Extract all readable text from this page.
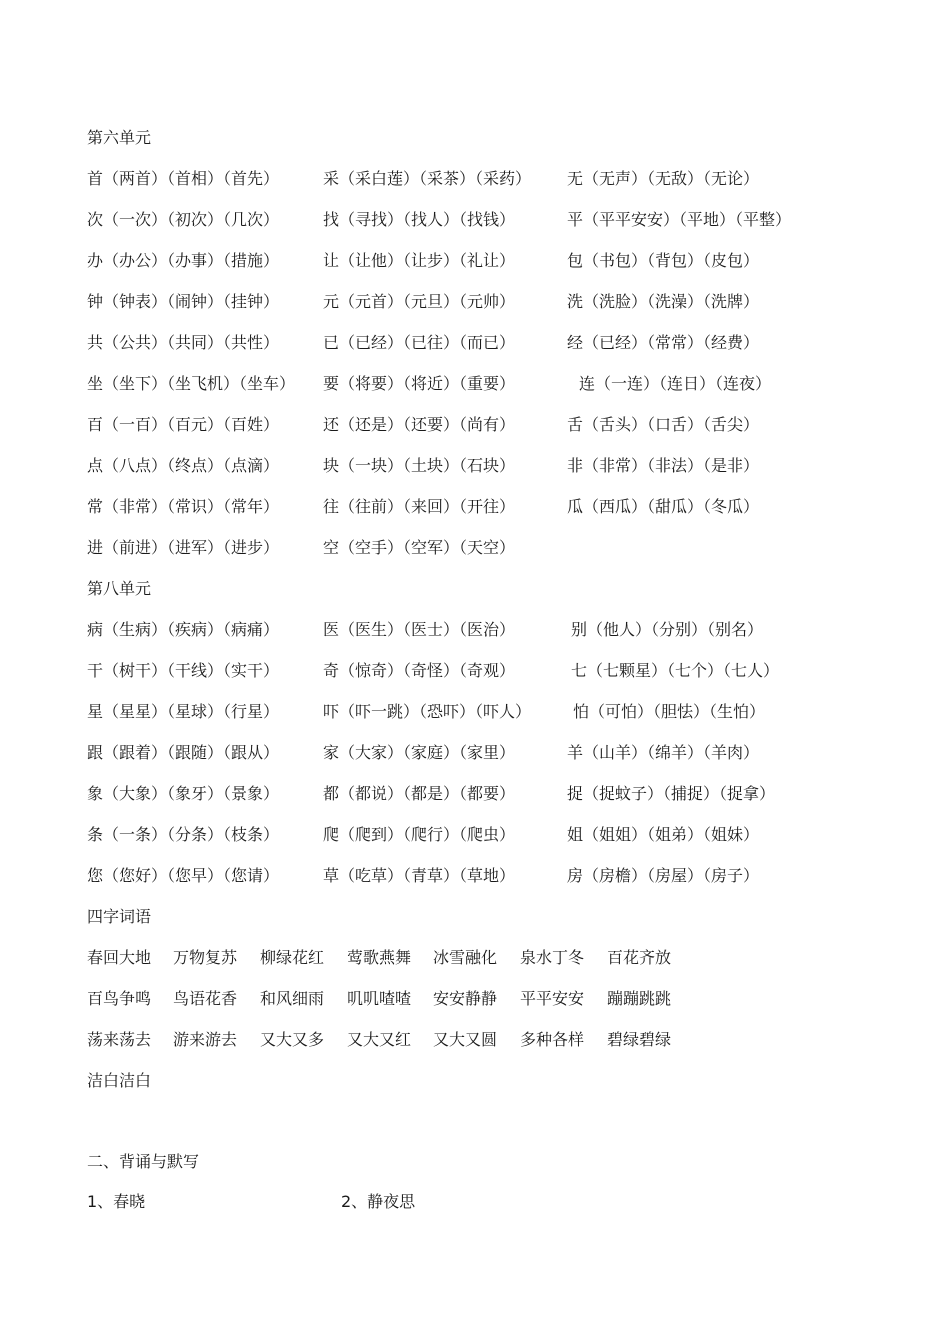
第六单元
首（两首）（首相）（首先）	采（采白莲）（采茶）（采药） 无（无声）（无敌）（无论）
次（一次）（初次）（几次）	找（寻找）（找人）（找钱）	平（平平安安）（平地）（平整）
办（办公）（办事）（措施）	让（让他）（让步）（礼让）	包（书包）（背包）（皮包）
钟（钟表）（闹钟）（挂钟）	元（元首）（元旦）（元帅）	洗（洗脸）（洗澡）（洗牌）
共（公共）（共同）（共性）	已（已经）（已往）（而已）	经（已经）（常常）（经费）
坐（坐下）（坐飞机）（坐车） 要（将要）（将近）（重要）	连（一连）（连日）（连夜）
百（一百）（百元）（百姓）	还（还是）（还要）（尚有）	舌（舌头）（口舌）（舌尖）
点（八点）（终点）（点滴）	块（一块）（土块）（石块）	非（非常）（非法）（是非）
常（非常）（常识）（常年）	往（往前）（来回）（开往）	瓜（西瓜）（甜瓜）（冬瓜）
进（前进）（进军）（进步）	空（空手）（空军）（天空）
第八单元
病（生病）（疾病）（病痛）	医（医生）（医士）（医治）	别（他人）（分别）（别名）
干（树干）（干线）（实干）	奇（惊奇）（奇怪）（奇观）	七（七颗星）（七个）（七人）
星（星星）（星球）（行星）	吓（吓一跳）（恐吓）（吓人）	怕（可怕）（胆怯）（生怕）
跟（跟着）（跟随）（跟从）	家（大家）（家庭）（家里）	羊（山羊）（绵羊）（羊肉）
象（大象）（象牙）（景象）	都（都说）（都是）（都要）	捉（捉蚊子）（捕捉）（捉拿）
条（一条）（分条）（枝条）	爬（爬到）（爬行）（爬虫）	姐（姐姐）（姐弟）（姐妹）
您（您好）（您早）（您请）	草（吃草）（青草）（草地）	房（房檐）（房屋）（房子）
四字词语
春回大地 万物复苏 柳绿花红 莺歌燕舞 冰雪融化 泉水丁冬 百花齐放
百鸟争鸣 鸟语花香 和风细雨 叽叽喳喳 安安静静 平平安安 蹦蹦跳跳
荡来荡去 游来游去 又大又多 又大又红 又大又圆 多种各样 碧绿碧绿
洁白洁白
二、背诵与默写
1、春晓	2、静夜思
